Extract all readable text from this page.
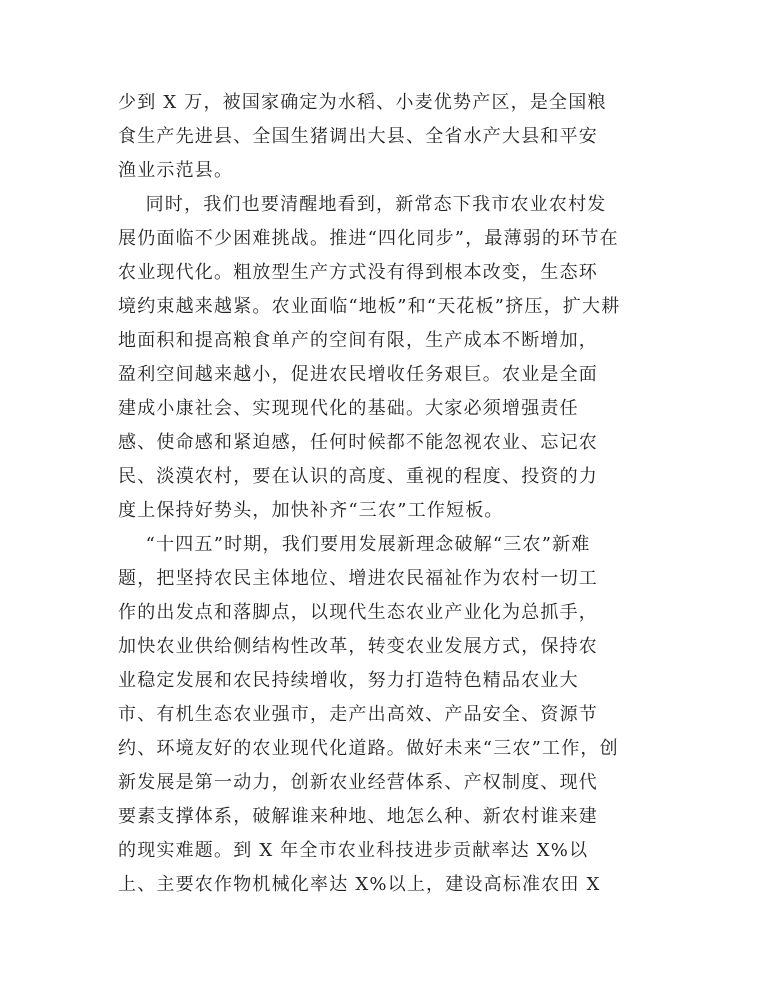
少到 X 万，被国家确定为水稻、小麦优势产区，是全国粮
食生产先进县、全国生猪调出大县、全省水产大县和平安
渔业示范县。
同时，我们也要清醒地看到，新常态下我市农业农村发
展仍面临不少困难挑战。推进“四化同步”，最薄弱的环节在
农业现代化。粗放型生产方式没有得到根本改变，生态环
境约束越来越紧。农业面临“地板”和“天花板”挤压，扩大耕
地面积和提高粮食单产的空间有限，生产成本不断增加，
盈利空间越来越小，促进农民增收任务艰巨。农业是全面
建成小康社会、实现现代化的基础。大家必须增强责任
感、使命感和紧迫感，任何时候都不能忽视农业、忘记农
民、淡漠农村，要在认识的高度、重视的程度、投资的力
度上保持好势头，加快补齐“三农”工作短板。
“十四五”时期，我们要用发展新理念破解“三农”新难
题，把坚持农民主体地位、增进农民福祉作为农村一切工
作的出发点和落脚点，以现代生态农业产业化为总抓手，
加快农业供给侧结构性改革，转变农业发展方式，保持农
业稳定发展和农民持续增收，努力打造特色精品农业大
市、有机生态农业强市，走产出高效、产品安全、资源节
约、环境友好的农业现代化道路。做好未来“三农”工作，创
新发展是第一动力，创新农业经营体系、产权制度、现代
要素支撑体系，破解谁来种地、地怎么种、新农村谁来建
的现实难题。到 X 年全市农业科技进步贡献率达 X%以
上、主要农作物机械化率达 X%以上，建设高标准农田 X
